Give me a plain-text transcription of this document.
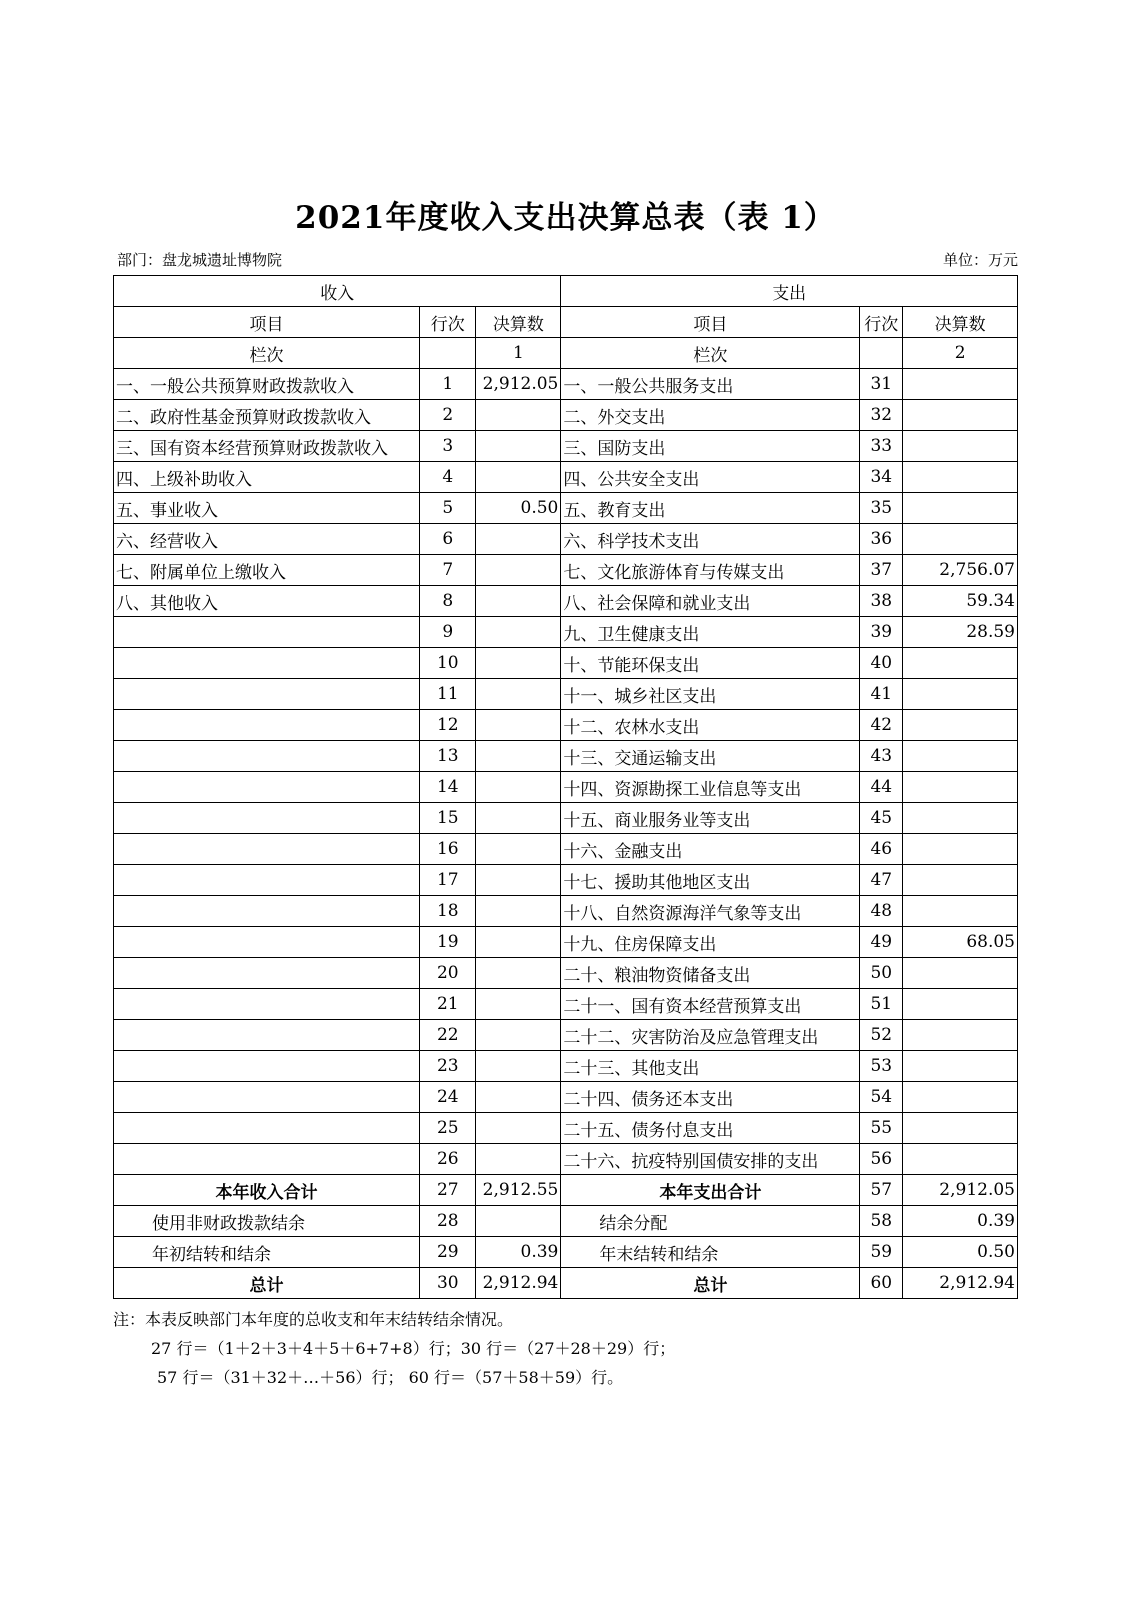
2021年度收入支出决算总表（表 1）
部门：盘龙城遗址博物院	单位：万元
收入			支出		
项目	行次	决算数	项目	行次	决算数
栏次		1	栏次		2
一、一般公共预算财政拨款收入	1	2,912.05	一、一般公共服务支出	31	
二、政府性基金预算财政拨款收入	2		二、外交支出	32	
三、国有资本经营预算财政拨款收入	3		三、国防支出	33	
四、上级补助收入	4		四、公共安全支出	34	
五、事业收入	5	0.50	五、教育支出	35	
六、经营收入	6		六、科学技术支出	36	
七、附属单位上缴收入	7		七、文化旅游体育与传媒支出	37	2,756.07
八、其他收入	8		八、社会保障和就业支出	38	59.34
	9		九、卫生健康支出	39	28.59
	10		十、节能环保支出	40	
	11		十一、城乡社区支出	41	
	12		十二、农林水支出	42	
	13		十三、交通运输支出	43	
	14		十四、资源勘探工业信息等支出	44	
	15		十五、商业服务业等支出	45	
	16		十六、金融支出	46	
	17		十七、援助其他地区支出	47	
	18		十八、自然资源海洋气象等支出	48	
	19		十九、住房保障支出	49	68.05
	20		二十、粮油物资储备支出	50	
	21		二十一、国有资本经营预算支出	51	
	22		二十二、灾害防治及应急管理支出	52	
	23		二十三、其他支出	53	
	24		二十四、债务还本支出	54	
	25		二十五、债务付息支出	55	
	26		二十六、抗疫特别国债安排的支出	56	
本年收入合计	27	2,912.55	本年支出合计	57	2,912.05
使用非财政拨款结余	28		结余分配	58	0.39
年初结转和结余	29	0.39	年末结转和结余	59	0.50
总计	30	2,912.94	总计	60	2,912.94
注：本表反映部门本年度的总收支和年末结转结余情况。
27 行＝（1＋2＋3＋4＋5＋6+7+8）行；30 行＝（27＋28＋29）行；
57 行＝（31＋32＋…＋56）行； 60 行＝（57＋58＋59）行。
